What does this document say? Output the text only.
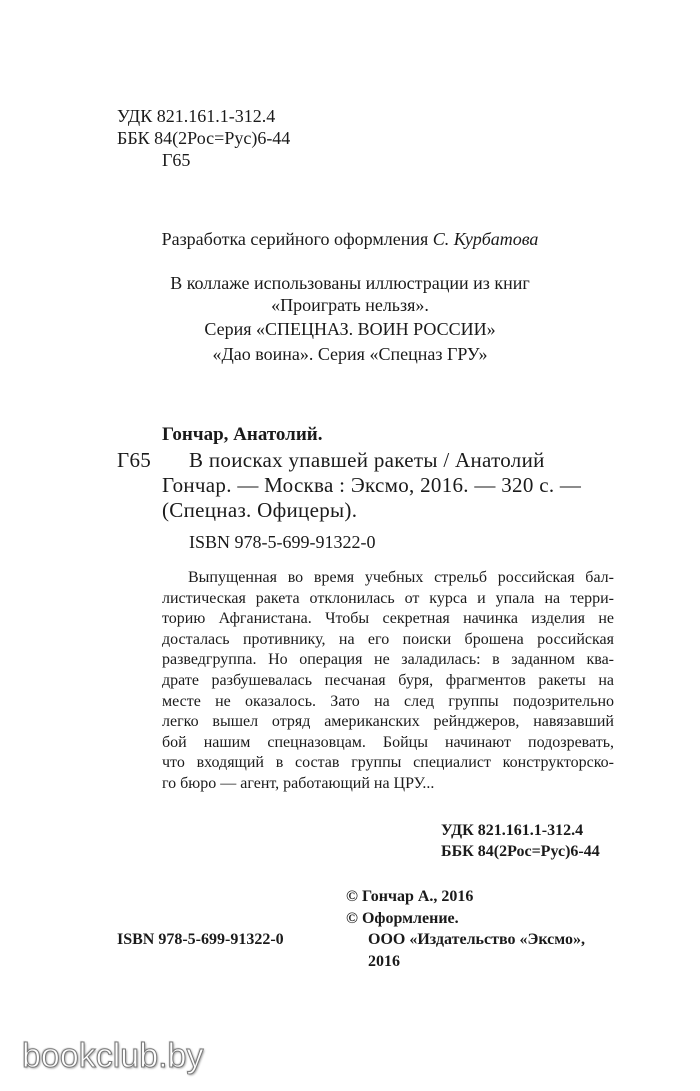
УДК 821.161.1-312.4
ББК 84(2Рос=Рус)6-44
Г65
Разработка серийного оформления С. Курбатова
В коллаже использованы иллюстрации из книг
«Проиграть нельзя».
Серия «СПЕЦНАЗ. ВОИН РОССИИ»
«Дао воина». Серия «Спецназ ГРУ»
Гончар, Анатолий.
Г65 В поисках упавшей ракеты / Анатолий
Гончар. — Москва : Эксмо, 2016. — 320 с. —
(Спецназ. Офицеры).
ISBN 978-5-699-91322-0

Выпущенная во время учебных стрельб российская бал-

листическая ракета отклонилась от курса и упала на терри-

торию Афганистана. Чтобы секретная начинка изделия не

досталась противнику, на его поиски брошена российская

разведгруппа. Но операция не заладилась: в заданном ква-

драте разбушевалась песчаная буря, фрагментов ракеты на

месте не оказалось. Зато на след группы подозрительно

легко вышел отряд американских рейнджеров, навязавший

бой нашим спецназовцам. Бойцы начинают подозревать,

что входящий в состав группы специалист конструкторско-

го бюро — агент, работающий на ЦРУ...

УДК 821.161.1-312.4
ББК 84(2Рос=Рус)6-44
© Гончар А., 2016
© Оформление.
ООО «Издательство «Эксмо»,
2016
ISBN 978-5-699-91322-0
bookclub.by
